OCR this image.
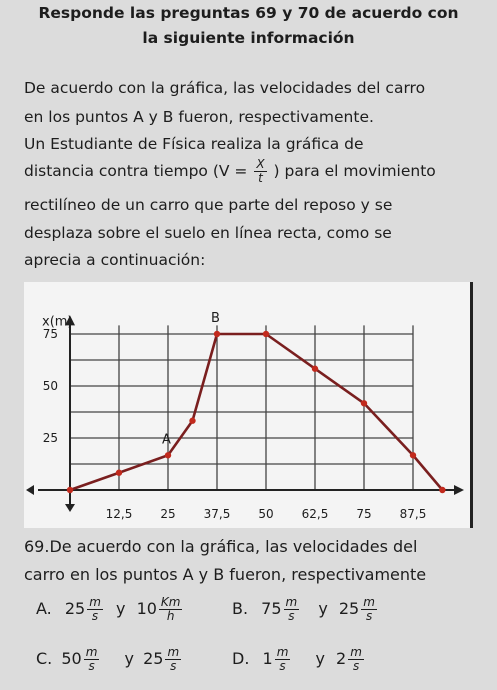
Responde las preguntas 69 y 70 de acuerdo con
la siguiente información
De acuerdo con la gráfica, las velocidades del carro
en los puntos A y B fueron, respectivamente.
Un Estudiante de Física realiza la gráfica de
distancia contra tiempo ($V = \frac{X}{t}$ ) para el movimiento
rectilíneo de un carro que parte del reposo y se
desplaza sobre el suelo en línea recta, como se
aprecia a continuación:
12,5 25 37,5 50 62,5 75 87,5
25
50
75
x(m)
A
B
69.De acuerdo con la gráfica, las velocidades del
carro en los puntos A y B fueron, respectivamente
A. $25 \frac{m}{s}$ y $10 \frac{Km}{h}$	B. $75 \frac{m}{s}$ y $25 \frac{m}{s}$
C. $50 \frac{m}{s}$ y $25 \frac{m}{s}$	D. $1 \frac{m}{s}$ y $2 \frac{m}{s}$
